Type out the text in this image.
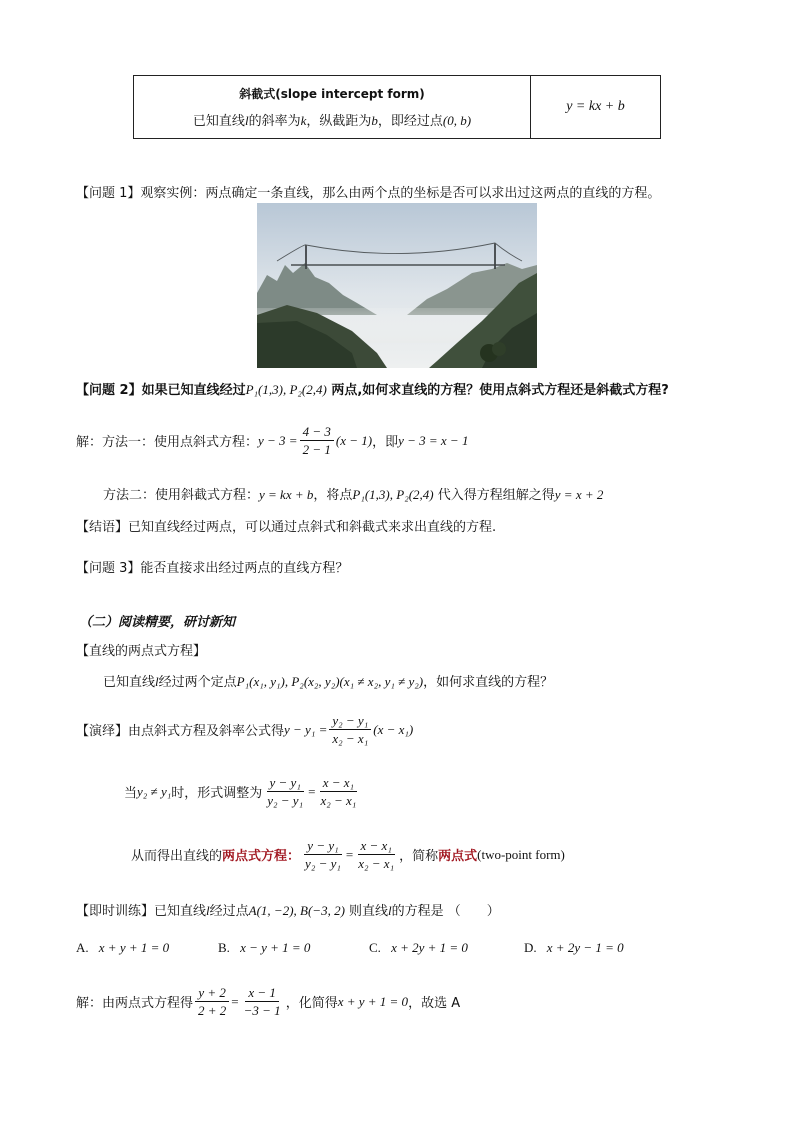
斜截式(slope intercept form)
已知直线l的斜率为k，纵截距为b，即经过点(0, b)
	y = kx + b
【问题 1】观察实例：两点确定一条直线，那么由两个点的坐标是否可以求出过这两点的直线的方程。
【问题 2】如果已知直线经过P₁(1,3), P₂(2,4) 两点,如何求直线的方程？使用点斜式方程还是斜截式方程?
解：方法一：使用点斜式方程： $y - 3 = \frac{4 - 3}{2 - 1} (x - 1)$ ，即 y − 3 = x − 1
方法二：使用斜截式方程：y = kx + b，将点P₁(1,3), P₂(2,4) 代入得方程组解之得y = x + 2
【结语】已知直线经过两点，可以通过点斜式和斜截式来求出直线的方程.
【问题 3】能否直接求出经过两点的直线方程？
（二）阅读精要，研讨新知
【直线的两点式方程】
已知直线l经过两个定点P₁(x₁, y₁), P₂(x₂, y₂)(x₁ ≠ x₂, y₁ ≠ y₂)，如何求直线的方程？
【演绎】由点斜式方程及斜率公式得 $y - y_1 = \frac{\text{y₂ − y₁}}{\text{x₂ − x₁}} (x - x_1)$
当 y₂ ≠ y₁ 时，形式调整为 $\frac{\text{y − y₁}}{\text{y₂ − y₁}} = \frac{\text{x − x₁}}{\text{x₂ − x₁}}$
从而得出直线的 两点式方程 ： $\frac{\text{y − y₁}}{\text{y₂ − y₁}} = \frac{\text{x − x₁}}{\text{x₂ − x₁}}$ ，简称 两点式 (two-point form)
【即时训练】已知直线l经过点A(1, −2), B(−3, 2) 则直线l的方程是 （　　）
A. x + y + 1 = 0	B. x − y + 1 = 0	C. x + 2y + 1 = 0	D. x + 2y − 1 = 0
解：由两点式方程得 $\frac{y + 2}{2 + 2} = \frac{x - 1}{-3 - 1}$ ，化简得 x + y + 1 = 0 ，故选 A
